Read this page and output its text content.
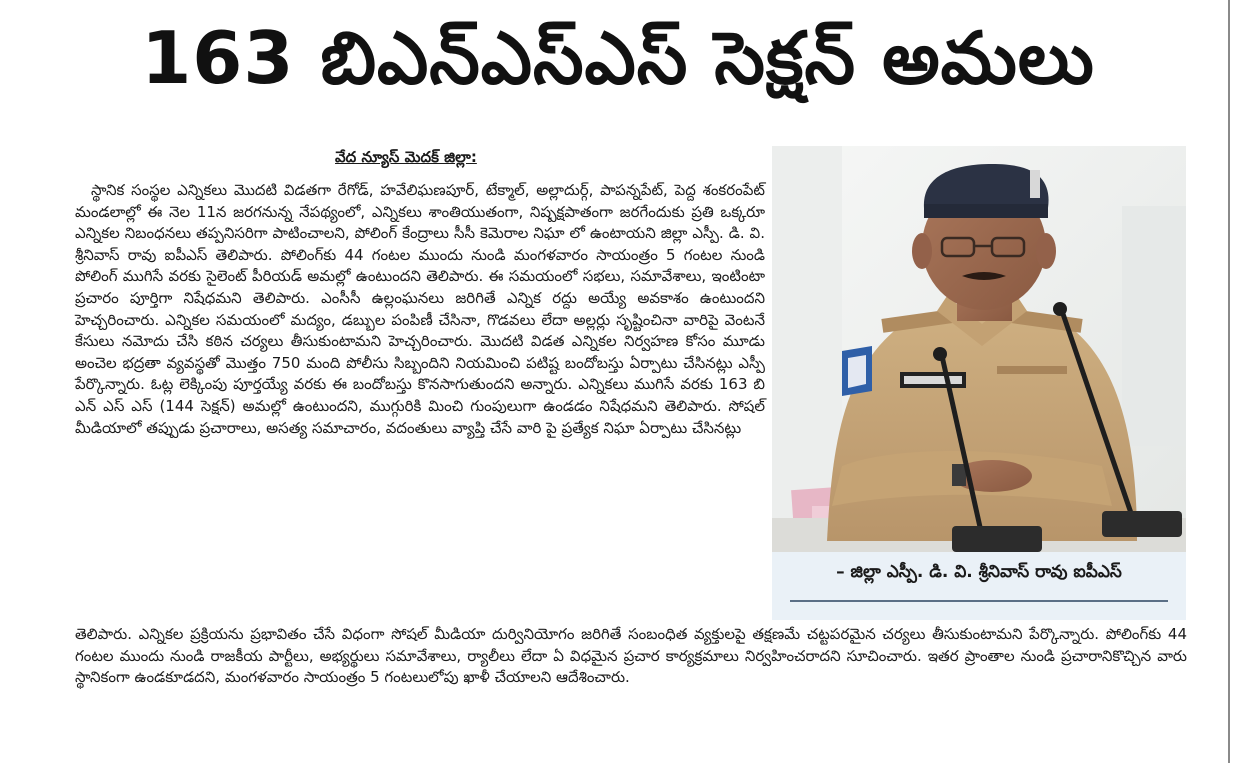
163 బిఎన్‌ఎస్‌ఎస్ సెక్షన్ అమలు
వేద న్యూస్ మెదక్ జిల్లా:

స్థానిక సంస్థల ఎన్నికలు మొదటి విడతగా రేగోడ్, హవేలిఘణపూర్, టేక్మాల్, అల్లాదుర్గ్, పాపన్నపేట్, పెద్ద శంకరంపేట్ మండలాల్లో ఈ నెల 11న జరగనున్న నేపథ్యంలో, ఎన్నికలు శాంతియుతంగా, నిష్పక్షపాతంగా జరగేందుకు ప్రతి ఒక్కరూ ఎన్నికల నిబంధనలు తప్పనిసరిగా పాటించాలని, పోలింగ్ కేంద్రాలు సీసీ కెమెరాల నిఘా లో ఉంటాయని జిల్లా ఎస్పీ. డి. వి. శ్రీనివాస్ రావు ఐపీఎస్ తెలిపారు. పోలింగ్‌కు 44 గంటల ముందు నుండి మంగళవారం సాయంత్రం 5 గంటల నుండి పోలింగ్ ముగిసే వరకు సైలెంట్ పీరియడ్ అమల్లో ఉంటుందని తెలిపారు. ఈ సమయంలో సభలు, సమావేశాలు, ఇంటింటా ప్రచారం పూర్తిగా నిషేధమని తెలిపారు. ఎంసీసీ ఉల్లంఘనలు జరిగితే ఎన్నిక రద్దు అయ్యే అవకాశం ఉంటుందని హెచ్చరించారు. ఎన్నికల సమయంలో మద్యం, డబ్బుల పంపిణీ చేసినా, గొడవలు లేదా అల్లర్లు సృష్టించినా వారిపై వెంటనే కేసులు నమోదు చేసి కఠిన చర్యలు తీసుకుంటామని హెచ్చరించారు. మొదటి విడత ఎన్నికల నిర్వహణ కోసం మూడు అంచెల భద్రతా వ్యవస్థతో మొత్తం 750 మంది పోలీసు సిబ్బందిని నియమించి పటిష్ట బందోబస్తు ఏర్పాటు చేసినట్లు ఎస్పీ పేర్కొన్నారు. ఓట్ల లెక్కింపు పూర్తయ్యే వరకు ఈ బందోబస్తు కొనసాగుతుందని అన్నారు. ఎన్నికలు ముగిసే వరకు 163 బి ఎన్ ఎస్ ఎస్ (144 సెక్షన్) అమల్లో ఉంటుందని, ముగ్గురికి మించి గుంపులుగా ఉండడం నిషేధమని తెలిపారు. సోషల్ మీడియాలో తప్పుడు ప్రచారాలు, అసత్య సమాచారం, వదంతులు వ్యాప్తి చేసే వారి పై ప్రత్యేక నిఘా ఏర్పాటు చేసినట్లు

– జిల్లా ఎస్పీ. డి. వి. శ్రీనివాస్ రావు ఐపీఎస్

తెలిపారు. ఎన్నికల ప్రక్రియను ప్రభావితం చేసే విధంగా సోషల్ మీడియా దుర్వినియోగం జరిగితే సంబంధిత వ్యక్తులపై తక్షణమే చట్టపరమైన చర్యలు తీసుకుంటామని పేర్కొన్నారు. పోలింగ్‌కు 44 గంటల ముందు నుండి రాజకీయ పార్టీలు, అభ్యర్థులు సమావేశాలు, ర్యాలీలు లేదా ఏ విధమైన ప్రచార కార్యక్రమాలు నిర్వహించరాదని సూచించారు. ఇతర ప్రాంతాల నుండి ప్రచారానికొచ్చిన వారు స్థానికంగా ఉండకూడదని, మంగళవారం సాయంత్రం 5 గంటలులోపు ఖాళీ చేయాలని ఆదేశించారు.
